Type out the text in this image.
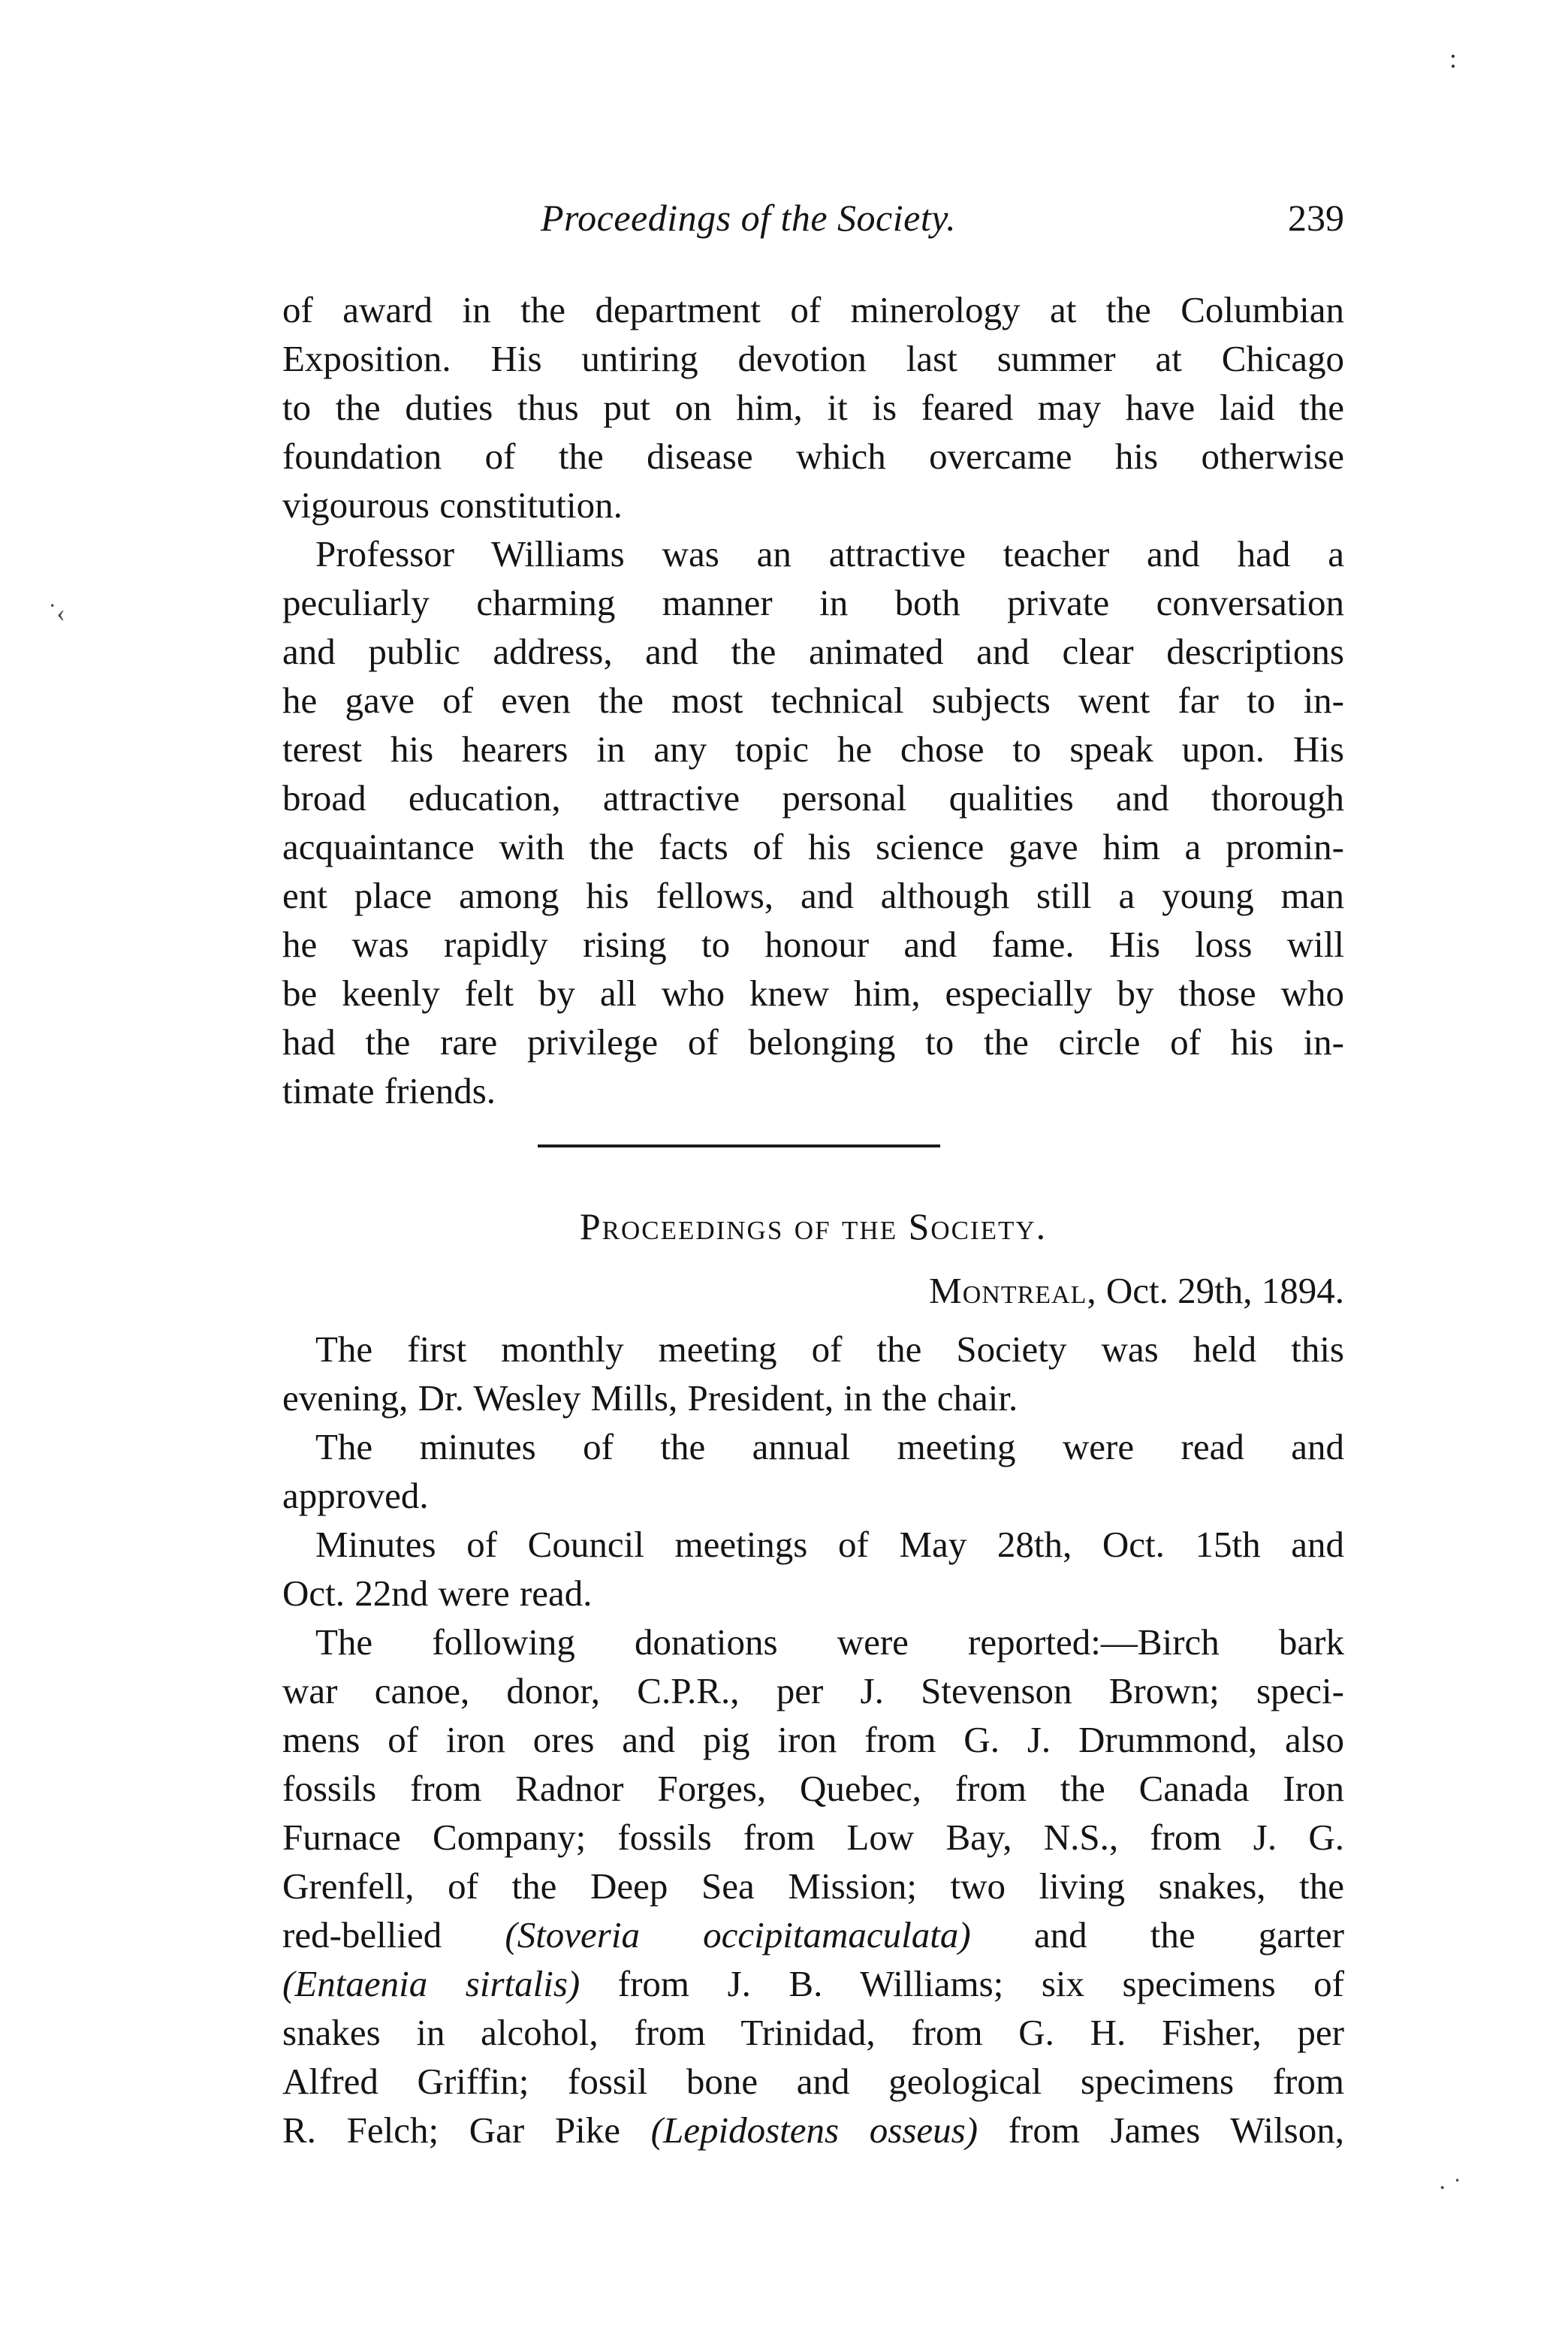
:
˙‹
· ˙
Proceedings of the Society.	239
of award in the department of minerology at the Columbian
Exposition. His untiring devotion last summer at Chicago
to the duties thus put on him, it is feared may have laid the
foundation of the disease which overcame his otherwise
vigourous constitution.
Professor Williams was an attractive teacher and had a
peculiarly charming manner in both private conversation
and public address, and the animated and clear descriptions
he gave of even the most technical subjects went far to in-
terest his hearers in any topic he chose to speak upon. His
broad education, attractive personal qualities and thorough
acquaintance with the facts of his science gave him a promin-
ent place among his fellows, and although still a young man
he was rapidly rising to honour and fame. His loss will
be keenly felt by all who knew him, especially by those who
had the rare privilege of belonging to the circle of his in-
timate friends.
Proceedings of the Society.
Montreal, Oct. 29th, 1894.
The first monthly meeting of the Society was held this
evening, Dr. Wesley Mills, President, in the chair.
The minutes of the annual meeting were read and
approved.
Minutes of Council meetings of May 28th, Oct. 15th and
Oct. 22nd were read.
The following donations were reported:—Birch bark
war canoe, donor, C.P.R., per J. Stevenson Brown; speci-
mens of iron ores and pig iron from G. J. Drummond, also
fossils from Radnor Forges, Quebec, from the Canada Iron
Furnace Company; fossils from Low Bay, N.S., from J. G.
Grenfell, of the Deep Sea Mission; two living snakes, the
red-bellied (Stoveria occipitamaculata) and the garter
(Entaenia sirtalis) from J. B. Williams; six specimens of
snakes in alcohol, from Trinidad, from G. H. Fisher, per
Alfred Griffin; fossil bone and geological specimens from
R. Felch; Gar Pike (Lepidostens osseus) from James Wilson,
